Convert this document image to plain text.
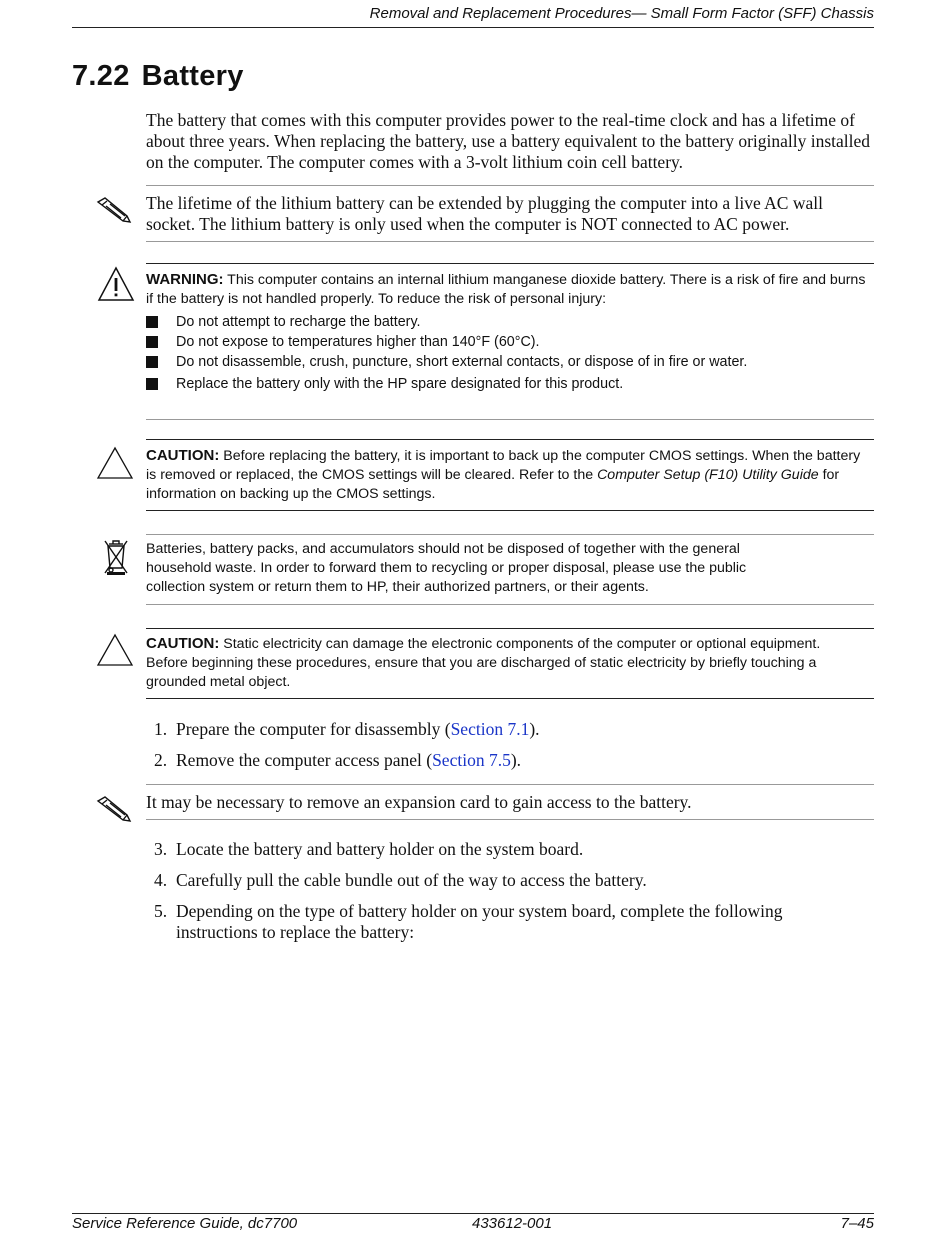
Removal and Replacement Procedures— Small Form Factor (SFF) Chassis
7.22 Battery
The battery that comes with this computer provides power to the real-time clock and has a lifetime of about three years. When replacing the battery, use a battery equivalent to the battery originally installed on the computer. The computer comes with a 3-volt lithium coin cell battery.
The lifetime of the lithium battery can be extended by plugging the computer into a live AC wall socket. The lithium battery is only used when the computer is NOT connected to AC power.
WARNING: This computer contains an internal lithium manganese dioxide battery. There is a risk of fire and burns if the battery is not handled properly. To reduce the risk of personal injury:
Do not attempt to recharge the battery.
Do not expose to temperatures higher than 140°F (60°C).
Do not disassemble, crush, puncture, short external contacts, or dispose of in fire or water.
Replace the battery only with the HP spare designated for this product.
CAUTION: Before replacing the battery, it is important to back up the computer CMOS settings. When the battery is removed or replaced, the CMOS settings will be cleared. Refer to the Computer Setup (F10) Utility Guide for information on backing up the CMOS settings.
Batteries, battery packs, and accumulators should not be disposed of together with the general household waste. In order to forward them to recycling or proper disposal, please use the public collection system or return them to HP, their authorized partners, or their agents.
CAUTION: Static electricity can damage the electronic components of the computer or optional equipment. Before beginning these procedures, ensure that you are discharged of static electricity by briefly touching a grounded metal object.
1. Prepare the computer for disassembly (Section 7.1).
2. Remove the computer access panel (Section 7.5).
It may be necessary to remove an expansion card to gain access to the battery.
3. Locate the battery and battery holder on the system board.
4. Carefully pull the cable bundle out of the way to access the battery.
5. Depending on the type of battery holder on your system board, complete the following instructions to replace the battery:
Service Reference Guide, dc7700	433612-001	7–45
